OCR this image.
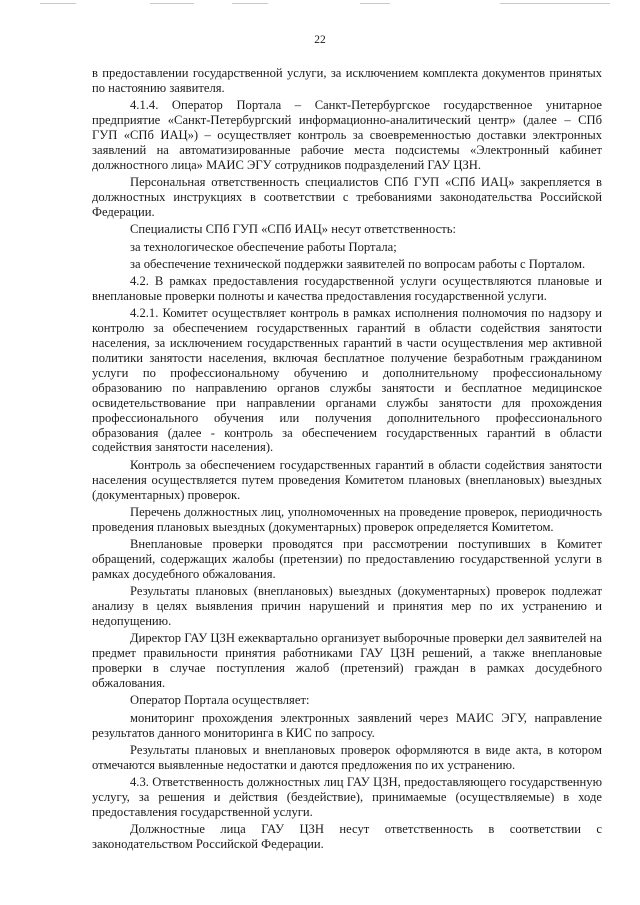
22

в предоставлении государственной услуги, за исключением комплекта документов принятых по настоянию заявителя.

4.1.4. Оператор Портала – Санкт-Петербургское государственное унитарное предприятие «Санкт-Петербургский информационно-аналитический центр» (далее – СПб ГУП «СПб ИАЦ») – осуществляет контроль за своевременностью доставки электронных заявлений на автоматизированные рабочие места подсистемы «Электронный кабинет должностного лица» МАИС ЭГУ сотрудников подразделений ГАУ ЦЗН.

Персональная ответственность специалистов СПб ГУП «СПб ИАЦ» закрепляется в должностных инструкциях в соответствии с требованиями законодательства Российской Федерации.

Специалисты СПб ГУП «СПб ИАЦ» несут ответственность:

за технологическое обеспечение работы Портала;

за обеспечение технической поддержки заявителей по вопросам работы с Порталом.

4.2. В рамках предоставления государственной услуги осуществляются плановые и внеплановые проверки полноты и качества предоставления государственной услуги.

4.2.1. Комитет осуществляет контроль в рамках исполнения полномочия по надзору и контролю за обеспечением государственных гарантий в области содействия занятости населения, за исключением государственных гарантий в части осуществления мер активной политики занятости населения, включая бесплатное получение безработным гражданином услуги по профессиональному обучению и дополнительному профессиональному образованию по направлению органов службы занятости и бесплатное медицинское освидетельствование при направлении органами службы занятости для прохождения профессионального обучения или получения дополнительного профессионального образования (далее - контроль за обеспечением государственных гарантий в области содействия занятости населения).

Контроль за обеспечением государственных гарантий в области содействия занятости населения осуществляется путем проведения Комитетом плановых (внеплановых) выездных (документарных) проверок.

Перечень должностных лиц, уполномоченных на проведение проверок, периодичность проведения плановых выездных (документарных) проверок определяется Комитетом.

Внеплановые проверки проводятся при рассмотрении поступивших в Комитет обращений, содержащих жалобы (претензии) по предоставлению государственной услуги в рамках досудебного обжалования.

Результаты плановых (внеплановых) выездных (документарных) проверок подлежат анализу в целях выявления причин нарушений и принятия мер по их устранению и недопущению.

Директор ГАУ ЦЗН ежеквартально организует выборочные проверки дел заявителей на предмет правильности принятия работниками ГАУ ЦЗН решений, а также внеплановые проверки в случае поступления жалоб (претензий) граждан в рамках досудебного обжалования.

Оператор Портала осуществляет:

мониторинг прохождения электронных заявлений через МАИС ЭГУ, направление результатов данного мониторинга в КИС по запросу.

Результаты плановых и внеплановых проверок оформляются в виде акта, в котором отмечаются выявленные недостатки и даются предложения по их устранению.

4.3. Ответственность должностных лиц ГАУ ЦЗН, предоставляющего государственную услугу, за решения и действия (бездействие), принимаемые (осуществляемые) в ходе предоставления государственной услуги.

Должностные лица ГАУ ЦЗН несут ответственность в соответствии с законодательством Российской Федерации.
